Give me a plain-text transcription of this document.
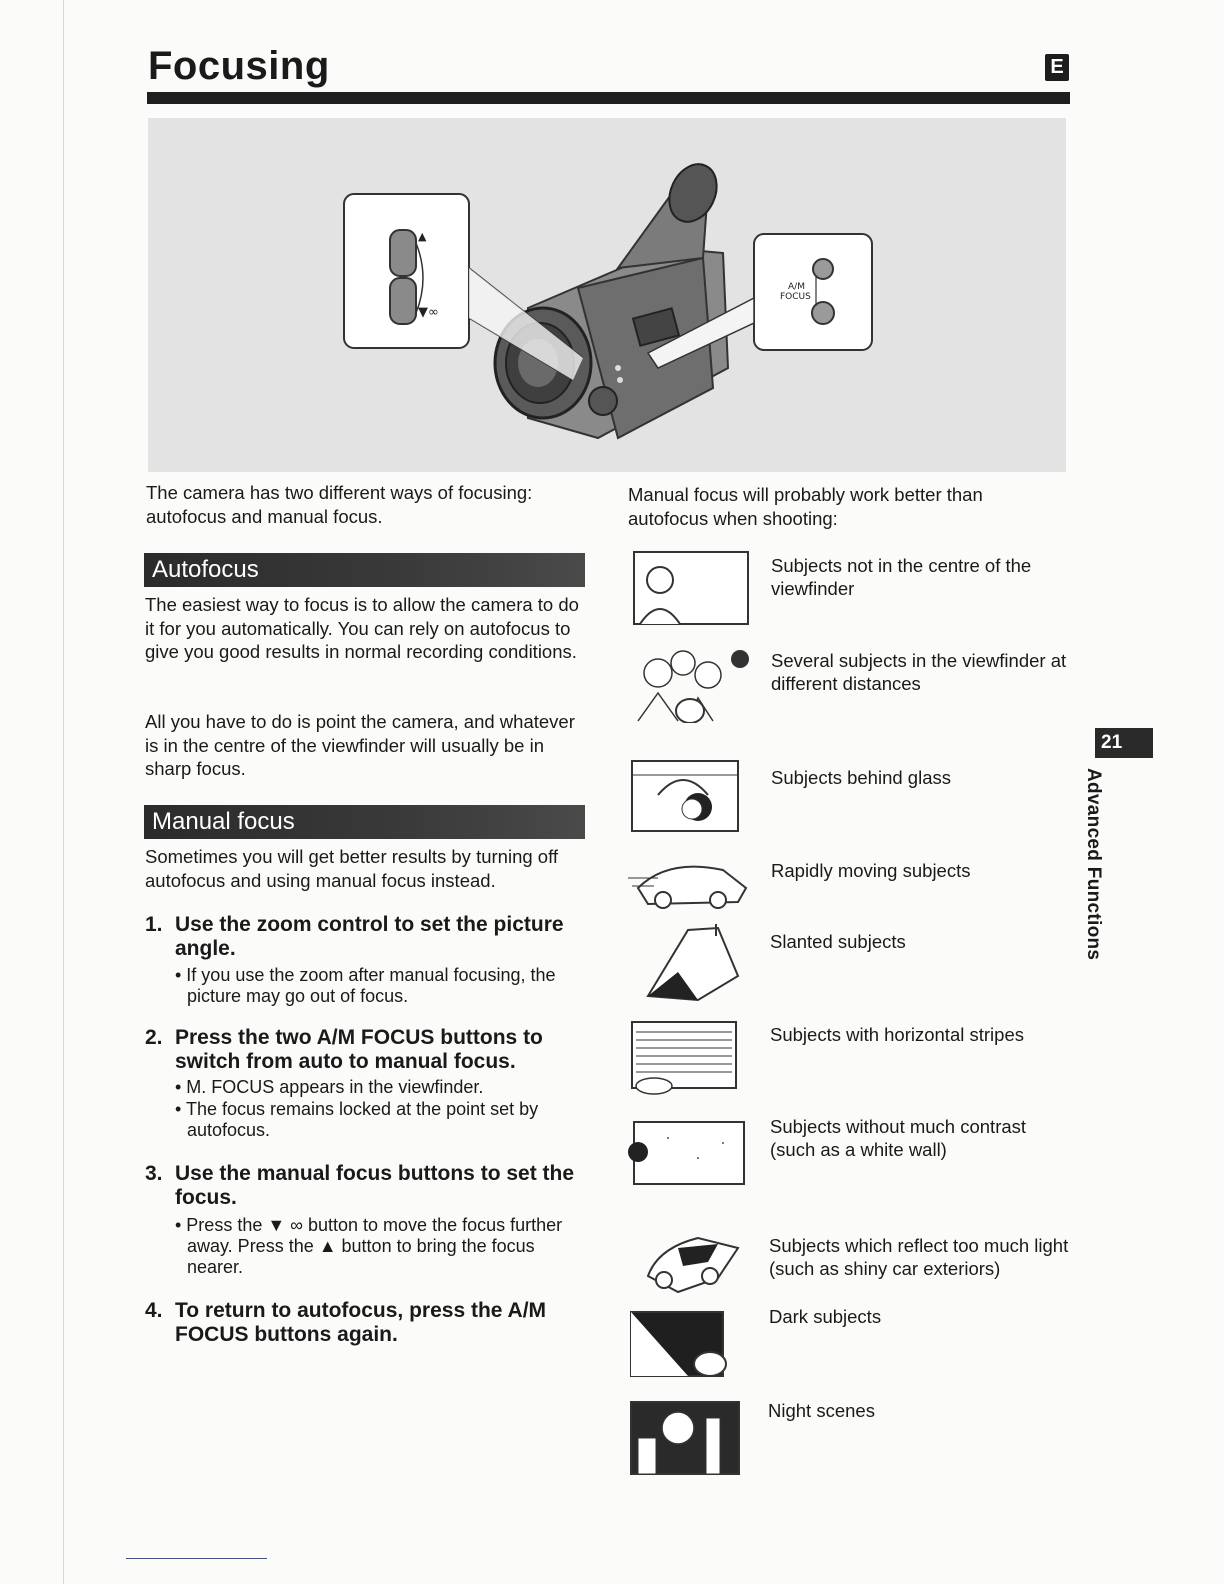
Focusing	E
▲
▼∞
A/M
FOCUS
The camera has two different ways of focusing: autofocus and manual focus.
Autofocus
The easiest way to focus is to allow the camera to do it for you automatically. You can rely on autofocus to give you good results in normal recording conditions.
All you have to do is point the camera, and whatever is in the centre of the viewfinder will usually be in sharp focus.
Manual focus
Sometimes you will get better results by turning off autofocus and using manual focus instead.
1. Use the zoom control to set the picture angle.
• If you use the zoom after manual focusing, the picture may go out of focus.
2. Press the two A/M FOCUS buttons to switch from auto to manual focus.
• M. FOCUS appears in the viewfinder.
• The focus remains locked at the point set by autofocus.
3. Use the manual focus buttons to set the focus.
• Press the ▼ ∞ button to move the focus further away. Press the ▲ button to bring the focus nearer.
4. To return to autofocus, press the A/M FOCUS buttons again.
Manual focus will probably work better than autofocus when shooting:
Subjects not in the centre of the viewfinder
Several subjects in the viewfinder at different distances
Subjects behind glass
Rapidly moving subjects
Slanted subjects
Subjects with horizontal stripes
Subjects without much contrast (such as a white wall)
Subjects which reflect too much light (such as shiny car exteriors)
Dark subjects
Night scenes
21
Advanced Functions
